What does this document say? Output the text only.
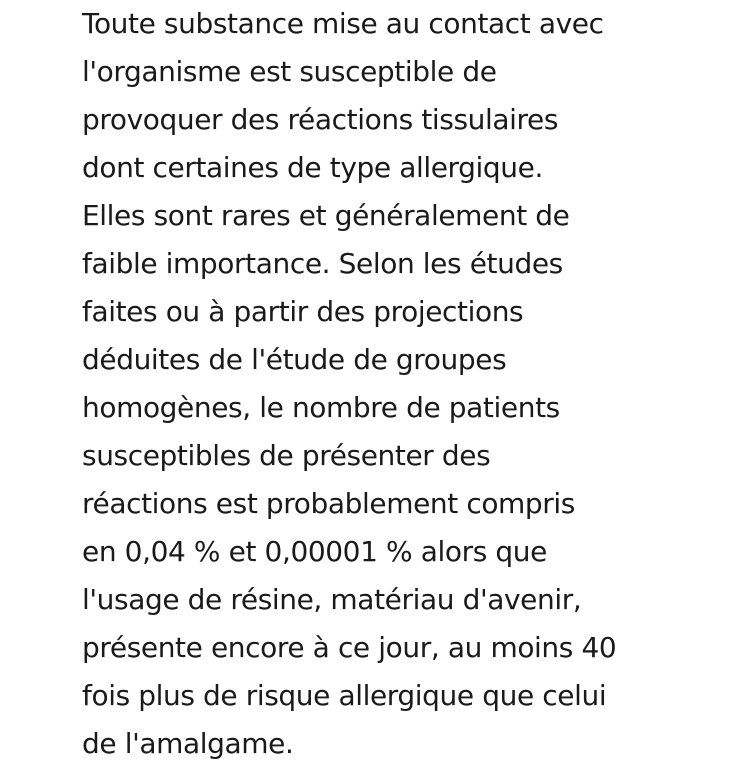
Toute substance mise au contact avec
l'organisme est susceptible de
provoquer des réactions tissulaires
dont certaines de type allergique.
Elles sont rares et généralement de
faible importance. Selon les études
faites ou à partir des projections
déduites de l'étude de groupes
homogènes, le nombre de patients
susceptibles de présenter des
réactions est probablement compris
en 0,04 % et 0,00001 % alors que
l'usage de résine, matériau d'avenir,
présente encore à ce jour, au moins 40
fois plus de risque allergique que celui
de l'amalgame.
